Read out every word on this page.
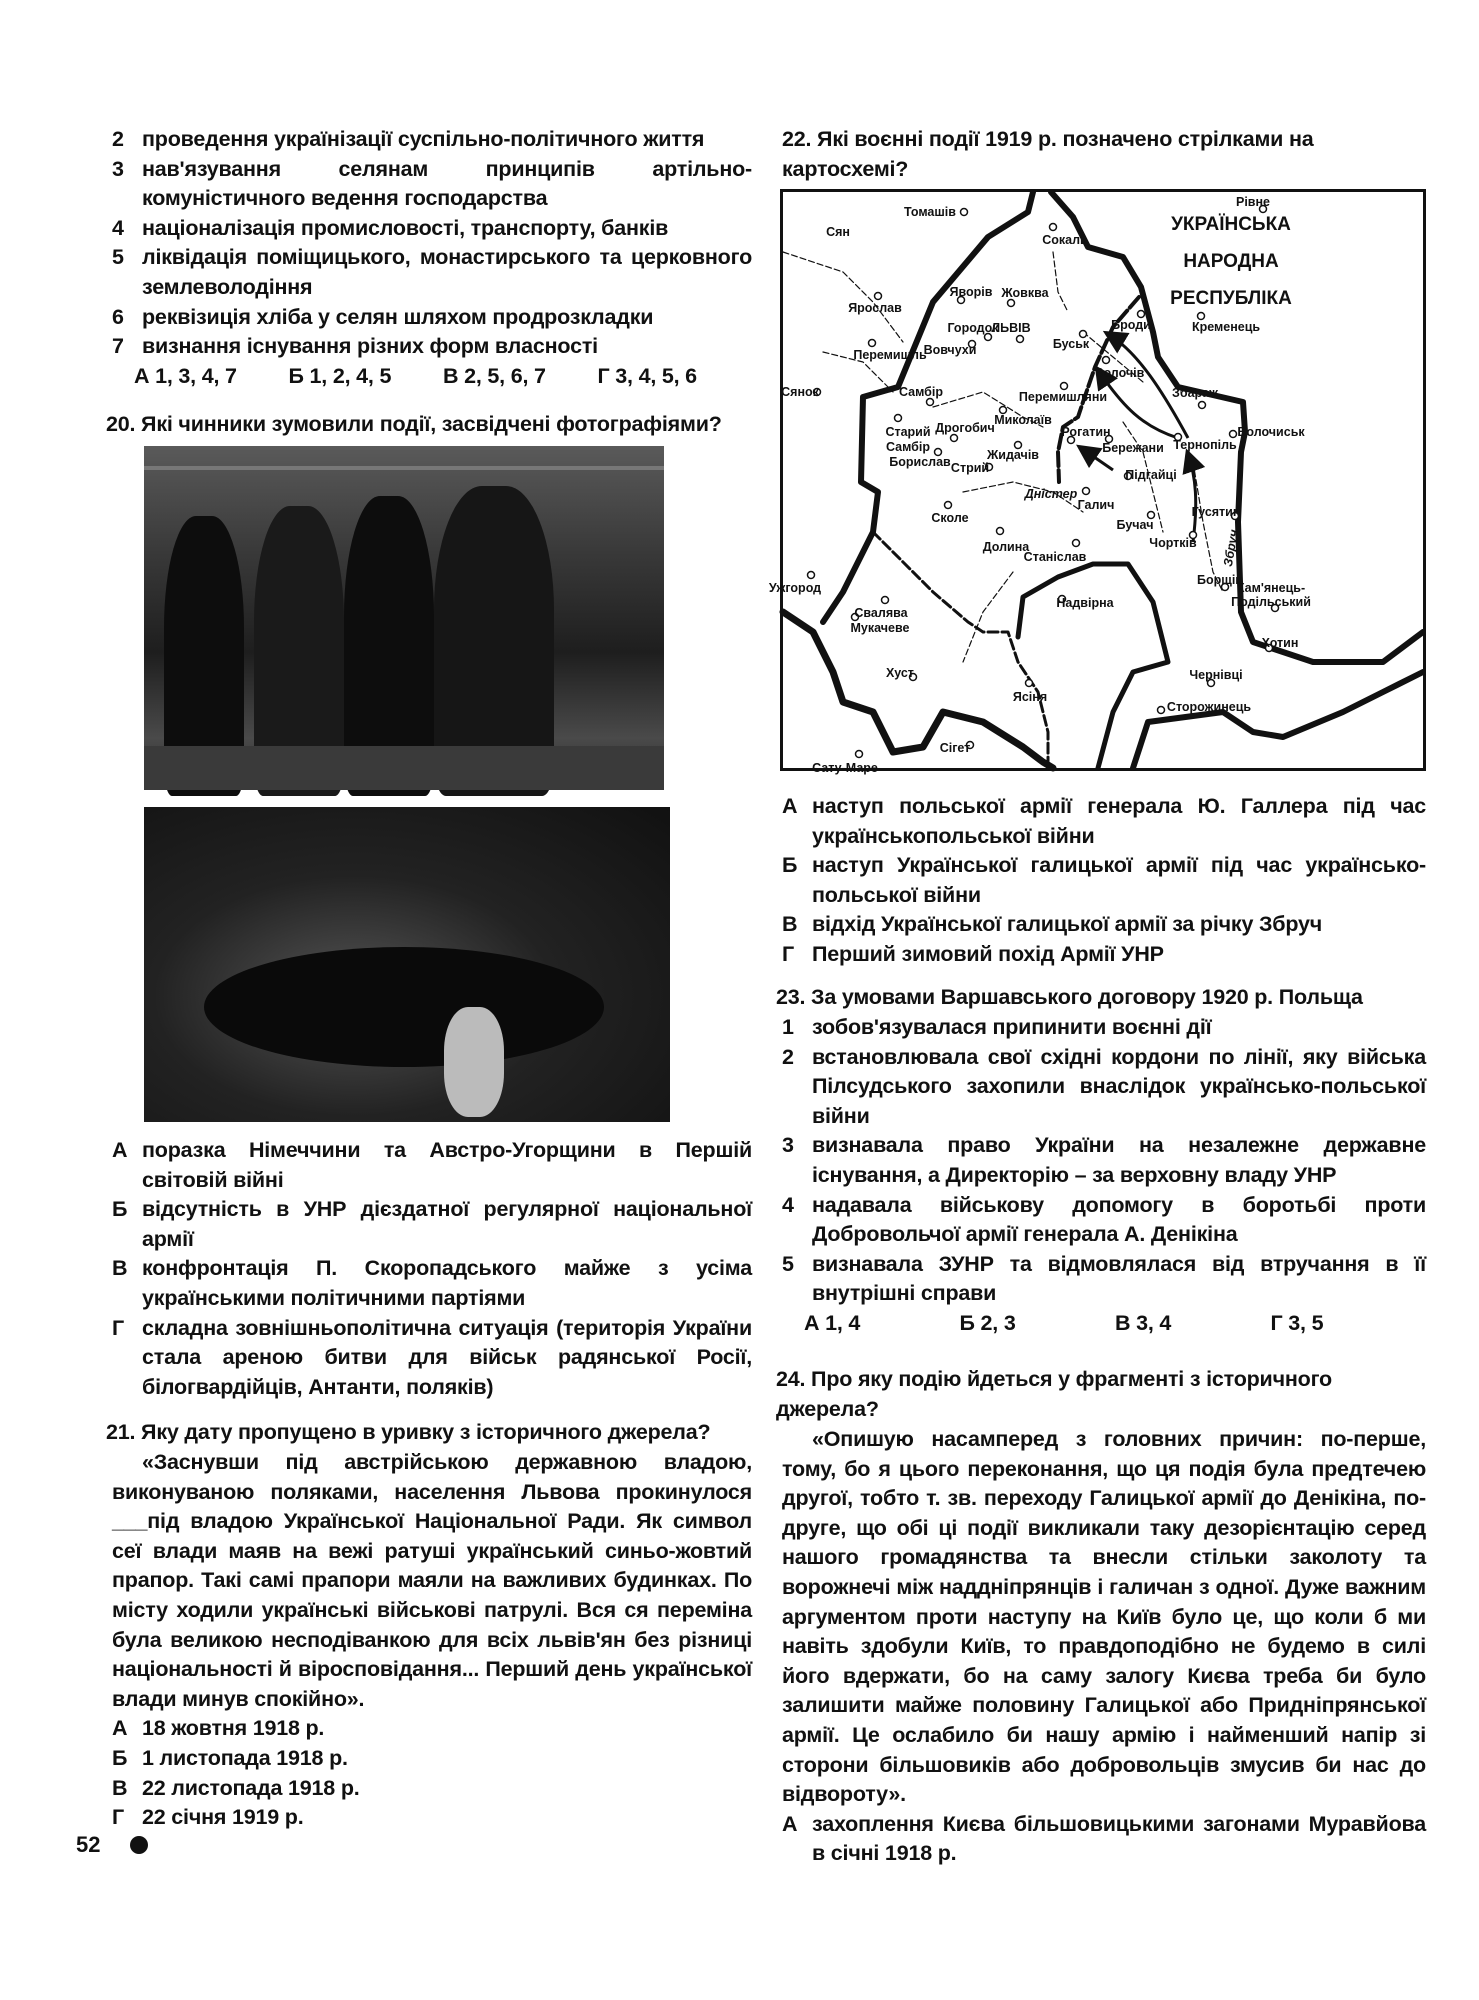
2 проведення українізації суспільно-політичного життя
3 нав'язування селянам принципів артільно-комуністичного ведення господарства
4 націоналізація промисловості, транспорту, банків
5 ліквідація поміщицького, монастирського та церковного землеволодіння
6 реквізиція хліба у селян шляхом продрозкладки
7 визнання існування різних форм власності
А 1, 3, 4, 7	Б 1, 2, 4, 5	В 2, 5, 6, 7	Г 3, 4, 5, 6
20. Які чинники зумовили події, засвідчені фотографіями?
А поразка Німеччини та Австро-Угорщини в Першій світовій війні
Б відсутність в УНР дієздатної регулярної національної армії
В конфронтація П. Скоропадського майже з усіма українськими політичними партіями
Г складна зовнішньополітична ситуація (територія України стала ареною битви для військ радянської Росії, білогвардійців, Антанти, поляків)
21. Яку дату пропущено в уривку з історичного джерела?
«Заснувши під австрійською державною владою, виконуваною поляками, населення Львова прокинулося ___під владою Української Національної Ради. Як символ сеї влади маяв на вежі ратуші український синьо-жовтий прапор. Такі самі прапори маяли на важливих будинках. По місту ходили українські військові патрулі. Вся ся переміна була великою несподіванкою для всіх львів'ян без різниці національності й віросповідання... Перший день української влади минув спокійно».
А 18 жовтня 1918 р.
Б 1 листопада 1918 р.
В 22 листопада 1918 р.
Г 22 січня 1919 р.
22. Які воєнні події 1919 р. позначено стрілками на картосхемі?
Томашів
Сокаль
Рівне
Ярослав
Яворів Жовква
Городок
ЛЬВІВ
Вовчухи	Буськ
Броди	Кременець
Перемишль
Золочів
Збараж
Сянок	Самбір	Перемишляни
Миколаїв
Старий
Самбір
Дрогобич	Рогатин
Бережани Тернопіль
Волочиськ
Жидачів
Борислав Стрий	Підгайці
Дністер
Галич
Сколе	Бучач
Гусятин
Чортків
Долина	Збруч
Станіслав
Борщів
Кам'янець-
Подільський
Ужгород
Надвірна
Свалява
Мукачеве
Хотин
Хуст	Чернівці
Ясіня
Сторожинець
Сігет
Сату-Маре
Сян	УКРАЇНСЬКА
НАРОДНА
РЕСПУБЛІКА
А наступ польської армії генерала Ю. Галлера під час українськопольської війни
Б наступ Української галицької армії під час українсько-польської війни
В відхід Української галицької армії за річку Збруч
Г Перший зимовий похід Армії УНР
23. За умовами Варшавського договору 1920 р. Польща
1 зобов'язувалася припинити воєнні дії
2 встановлювала свої східні кордони по лінії, яку війська Пілсудського захопили внаслідок українсько-польської війни
3 визнавала право України на незалежне державне існування, а Директорію – за верховну владу УНР
4 надавала військову допомогу в боротьбі проти Добровольчої армії генерала А. Денікіна
5 визнавала ЗУНР та відмовлялася від втручання в її внутрішні справи
А 1, 4	Б 2, 3	В 3, 4	Г 3, 5
24. Про яку подію йдеться у фрагменті з історичного джерела?
«Опишую насамперед з головних причин: по-перше, тому, бо я цього переконання, що ця подія була предтечею другої, тобто т. зв. переходу Галицької армії до Денікіна, по-друге, що обі ці події викликали таку дезорієнтацію серед нашого громадянства та внесли стільки заколоту та ворожнечі між наддніпрянців і галичан з одної. Дуже важним аргументом проти наступу на Київ було це, що коли б ми навіть здобули Київ, то правдоподібно не будемо в силі його вдержати, бо на саму залогу Києва треба би було залишити майже половину Галицької або Придніпрянської армії. Це ослабило би нашу армію і найменший напір зі сторони більшовиків або добровольців змусив би нас до відвороту».
А захоплення Києва більшовицькими загонами Муравйова в січні 1918 р.
52
